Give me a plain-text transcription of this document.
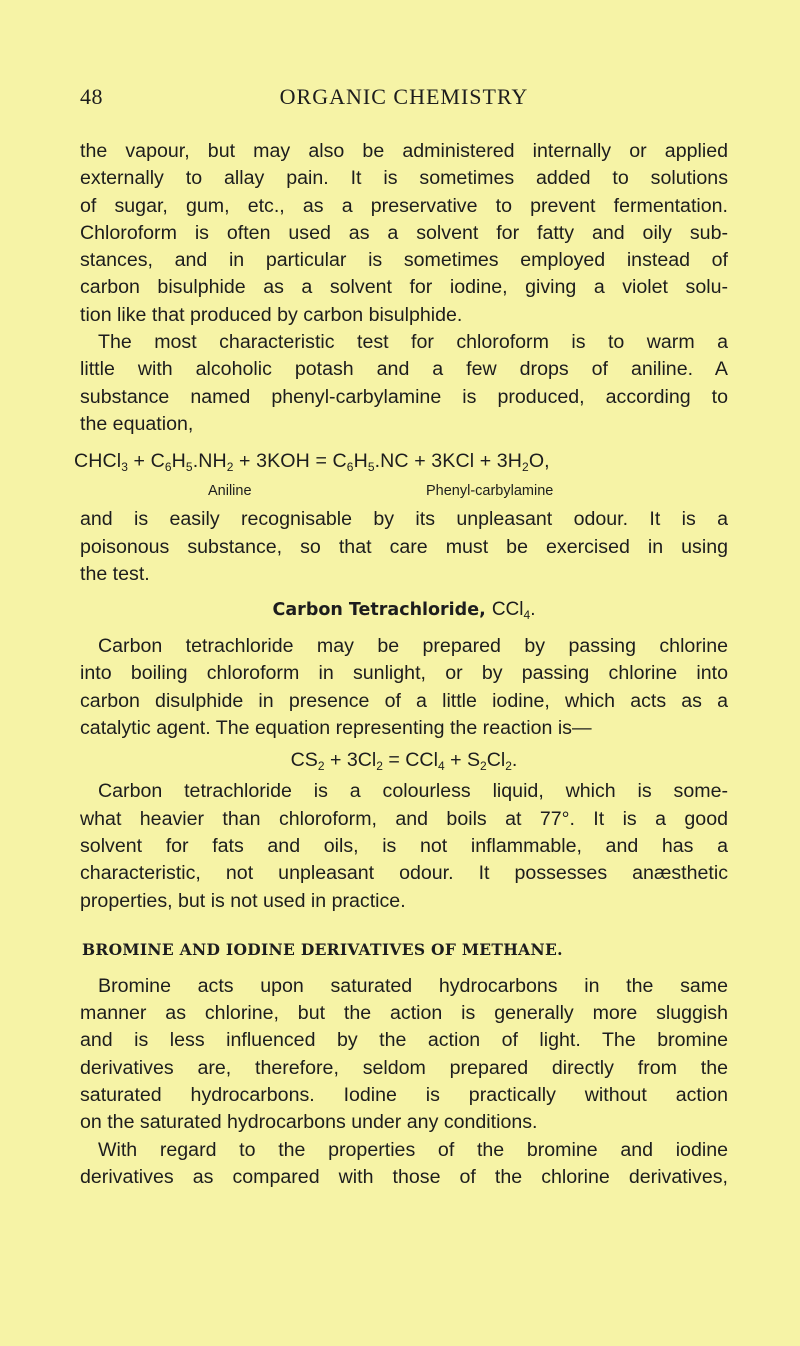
48	ORGANIC CHEMISTRY
the vapour, but may also be administered internally or applied
externally to allay pain. It is sometimes added to solutions
of sugar, gum, etc., as a preservative to prevent fermentation.
Chloroform is often used as a solvent for fatty and oily sub-
stances, and in particular is sometimes employed instead of
carbon bisulphide as a solvent for iodine, giving a violet solu-
tion like that produced by carbon bisulphide.
The most characteristic test for chloroform is to warm a
little with alcoholic potash and a few drops of aniline. A
substance named phenyl-carbylamine is produced, according to
the equation,
CHCl$_3$ + $C_6H_5.NH_2 + 3KOH = C_6H_5.NC + 3KCl + 3H_2O$,
Aniline	Phenyl-carbylamine
and is easily recognisable by its unpleasant odour. It is a
poisonous substance, so that care must be exercised in using
the test.
Carbon Tetrachloride, CCl$_4$.
Carbon tetrachloride may be prepared by passing chlorine
into boiling chloroform in sunlight, or by passing chlorine into
carbon disulphide in presence of a little iodine, which acts as a
catalytic agent. The equation representing the reaction is—
$CS_2 + 3Cl_2 = CCl_4 + S_2Cl_2$.
Carbon tetrachloride is a colourless liquid, which is some-
what heavier than chloroform, and boils at 77°. It is a good
solvent for fats and oils, is not inflammable, and has a
characteristic, not unpleasant odour. It possesses anæsthetic
properties, but is not used in practice.
BROMINE AND IODINE DERIVATIVES OF METHANE.
Bromine acts upon saturated hydrocarbons in the same
manner as chlorine, but the action is generally more sluggish
and is less influenced by the action of light. The bromine
derivatives are, therefore, seldom prepared directly from the
saturated hydrocarbons. Iodine is practically without action
on the saturated hydrocarbons under any conditions.
With regard to the properties of the bromine and iodine
derivatives as compared with those of the chlorine derivatives,
